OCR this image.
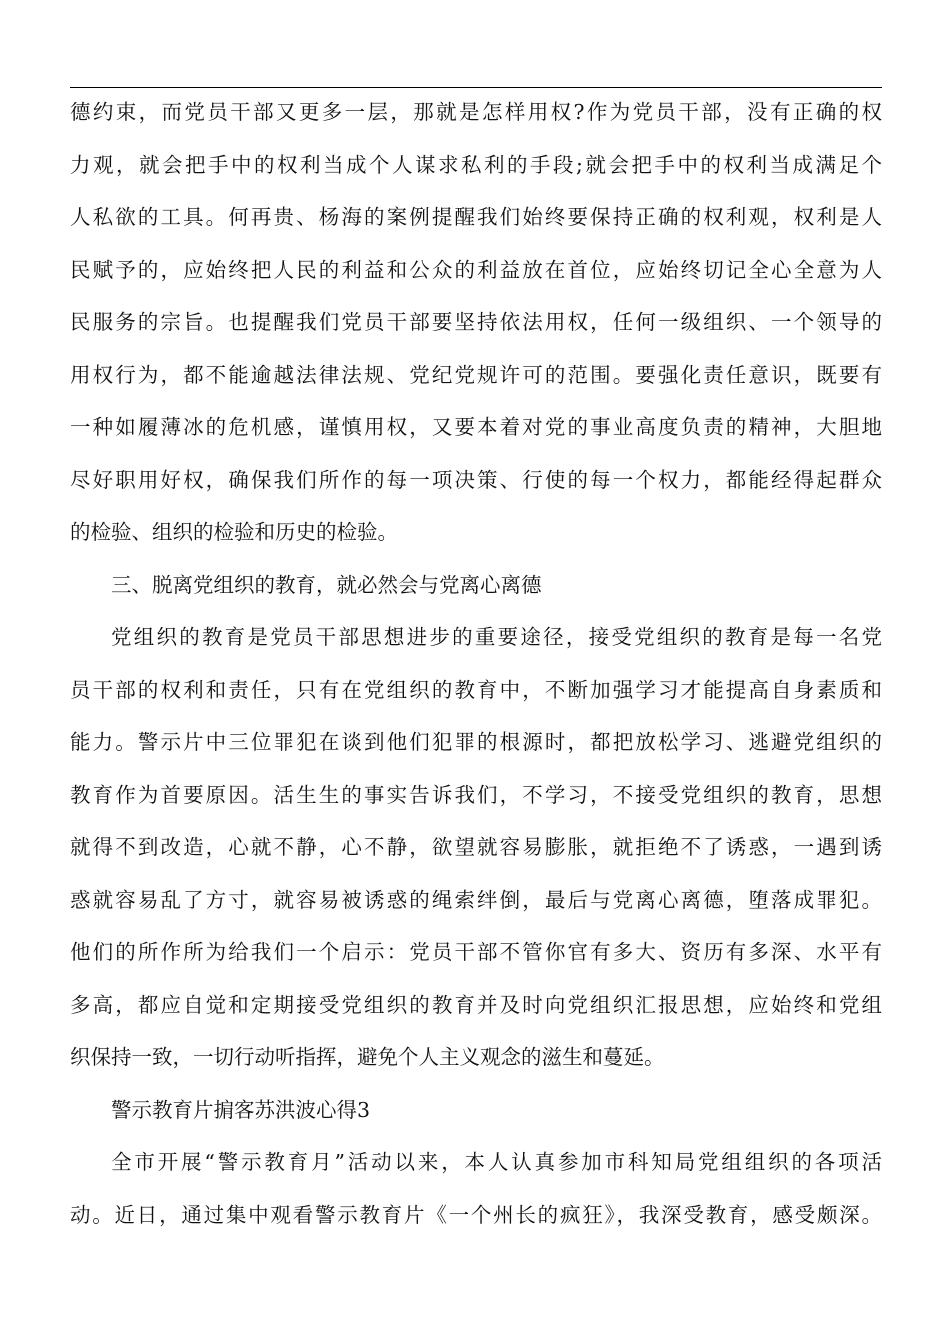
德约束，而党员干部又更多一层，那就是怎样用权?作为党员干部，没有正确的权
力观，就会把手中的权利当成个人谋求私利的手段;就会把手中的权利当成满足个
人私欲的工具。何再贵、杨海的案例提醒我们始终要保持正确的权利观，权利是人
民赋予的，应始终把人民的利益和公众的利益放在首位，应始终切记全心全意为人
民服务的宗旨。也提醒我们党员干部要坚持依法用权，任何一级组织、一个领导的
用权行为，都不能逾越法律法规、党纪党规许可的范围。要强化责任意识，既要有
一种如履薄冰的危机感，谨慎用权，又要本着对党的事业高度负责的精神，大胆地
尽好职用好权，确保我们所作的每一项决策、行使的每一个权力，都能经得起群众
的检验、组织的检验和历史的检验。
三、脱离党组织的教育，就必然会与党离心离德
党组织的教育是党员干部思想进步的重要途径，接受党组织的教育是每一名党
员干部的权利和责任，只有在党组织的教育中，不断加强学习才能提高自身素质和
能力。警示片中三位罪犯在谈到他们犯罪的根源时，都把放松学习、逃避党组织的
教育作为首要原因。活生生的事实告诉我们，不学习，不接受党组织的教育，思想
就得不到改造，心就不静，心不静，欲望就容易膨胀，就拒绝不了诱惑，一遇到诱
惑就容易乱了方寸，就容易被诱惑的绳索绊倒，最后与党离心离德，堕落成罪犯。
他们的所作所为给我们一个启示：党员干部不管你官有多大、资历有多深、水平有
多高，都应自觉和定期接受党组织的教育并及时向党组织汇报思想，应始终和党组
织保持一致，一切行动听指挥，避免个人主义观念的滋生和蔓延。
警示教育片掮客苏洪波心得3
全市开展“警示教育月”活动以来，本人认真参加市科知局党组组织的各项活
动。近日，通过集中观看警示教育片《一个州长的疯狂》，我深受教育，感受颇深。
